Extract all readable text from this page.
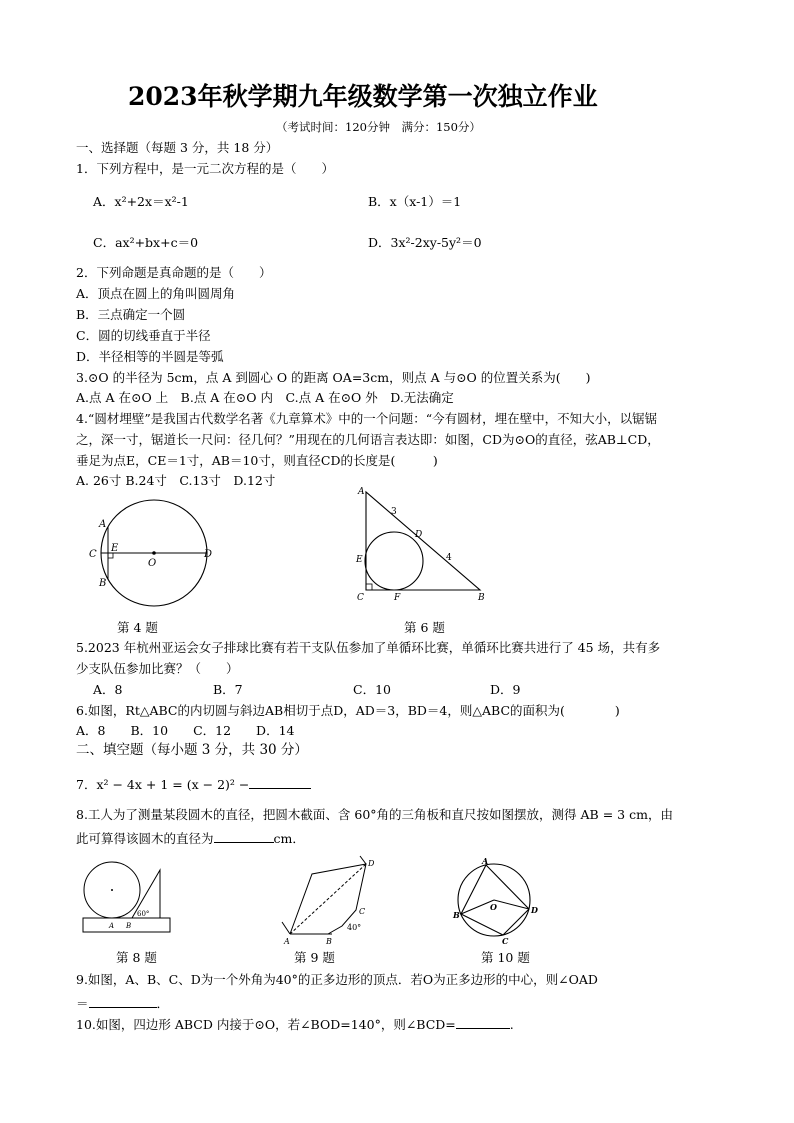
2023年秋学期九年级数学第一次独立作业
（考试时间：120分钟　满分：150分）
一、选择题（每题 3 分，共 18 分）
1．下列方程中，是一元二次方程的是（　　）
A．x²+2x＝x²-1	B．x（x-1）＝1
C．ax²+bx+c＝0	D．3x²-2xy-5y²＝0
2．下列命题是真命题的是（　　）
A．顶点在圆上的角叫圆周角
B．三点确定一个圆
C．圆的切线垂直于半径
D．半径相等的半圆是等弧
3.⊙O 的半径为 5cm，点 A 到圆心 O 的距离 OA=3cm，则点 A 与⊙O 的位置关系为(　　)
A.点 A 在⊙O 上　B.点 A 在⊙O 内　C.点 A 在⊙O 外　D.无法确定
4.“圆材埋壁”是我国古代数学名著《九章算术》中的一个问题：“今有圆材，埋在壁中，不知大小，以锯锯
之，深一寸，锯道长一尺问：径几何？”用现在的几何语言表达即：如图，CD为⊙O的直径，弦AB⊥CD，
垂足为点E，CE＝1寸，AB＝10寸，则直径CD的长度是(　　　)
A. 26寸 B.24寸　C.13寸　D.12寸
A
B
C	D
E
O
第 4 题
A
B
C
D
E
F
3
4
第 6 题
5.2023 年杭州亚运会女子排球比赛有若干支队伍参加了单循环比赛，单循环比赛共进行了 45 场，共有多
少支队伍参加比赛？（　　）
A．8	B．7	C．10	D．9
6.如图，Rt△ABC的内切圆与斜边AB相切于点D，AD＝3，BD＝4，则△ABC的面积为(　　　　)
A．8　　B．10　　C．12　　D．14
二、填空题（每小题 3 分，共 30 分）
7．x² − 4x + 1 = (x − 2)² −
8.工人为了测量某段圆木的直径，把圆木截面、含 60°角的三角板和直尺按如图摆放，测得 AB = 3 cm，由
此可算得该圆木的直径为	cm．
A B
60°
第 8 题
A	B
C
D
40°
第 9 题
A
B
C
D
O
第 10 题
9.如图，A、B、C、D为一个外角为40°的正多边形的顶点．若O为正多边形的中心，则∠OAD
＝	．
10.如图，四边形 ABCD 内接于⊙O，若∠BOD=140°，则∠BCD=	.
